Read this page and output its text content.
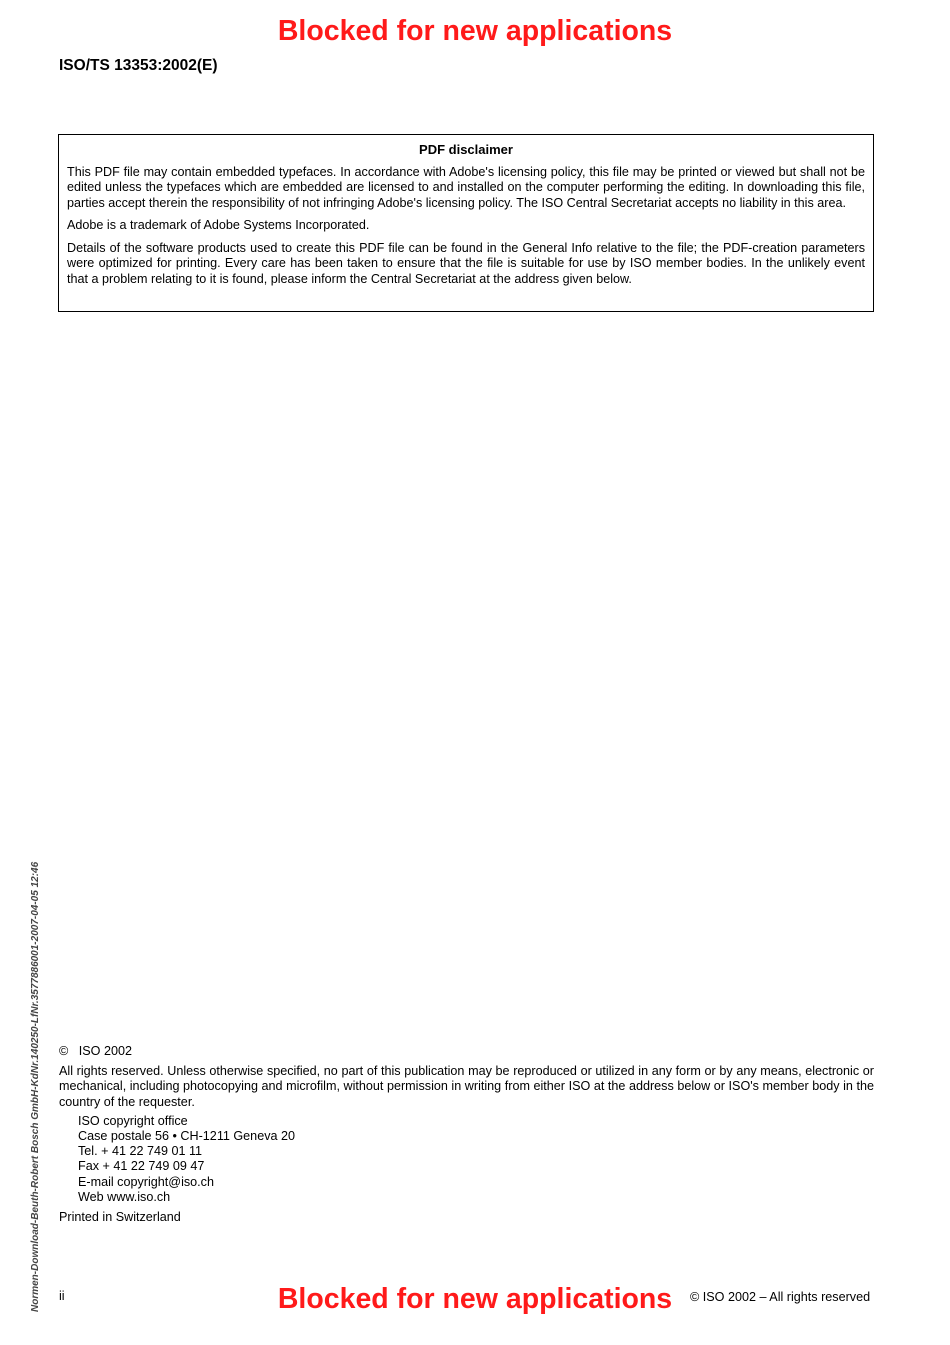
Blocked for new applications
ISO/TS 13353:2002(E)
PDF disclaimer

This PDF file may contain embedded typefaces. In accordance with Adobe's licensing policy, this file may be printed or viewed but shall not be edited unless the typefaces which are embedded are licensed to and installed on the computer performing the editing. In downloading this file, parties accept therein the responsibility of not infringing Adobe's licensing policy. The ISO Central Secretariat accepts no liability in this area.

Adobe is a trademark of Adobe Systems Incorporated.

Details of the software products used to create this PDF file can be found in the General Info relative to the file; the PDF-creation parameters were optimized for printing. Every care has been taken to ensure that the file is suitable for use by ISO member bodies. In the unlikely event that a problem relating to it is found, please inform the Central Secretariat at the address given below.

Normen-Download-Beuth-Robert Bosch GmbH-KdNr.140250-LfNr.3577886001-2007-04-05 12:46 © ISO 2002

All rights reserved. Unless otherwise specified, no part of this publication may be reproduced or utilized in any form or by any means, electronic or mechanical, including photocopying and microfilm, without permission in writing from either ISO at the address below or ISO's member body in the country of the requester.

ISO copyright office
Case postale 56 • CH-1211 Geneva 20
Tel. + 41 22 749 01 11
Fax + 41 22 749 09 47
E-mail copyright@iso.ch
Web www.iso.ch

Printed in Switzerland

ii	Blocked for new applications	© ISO 2002 – All rights reserved
